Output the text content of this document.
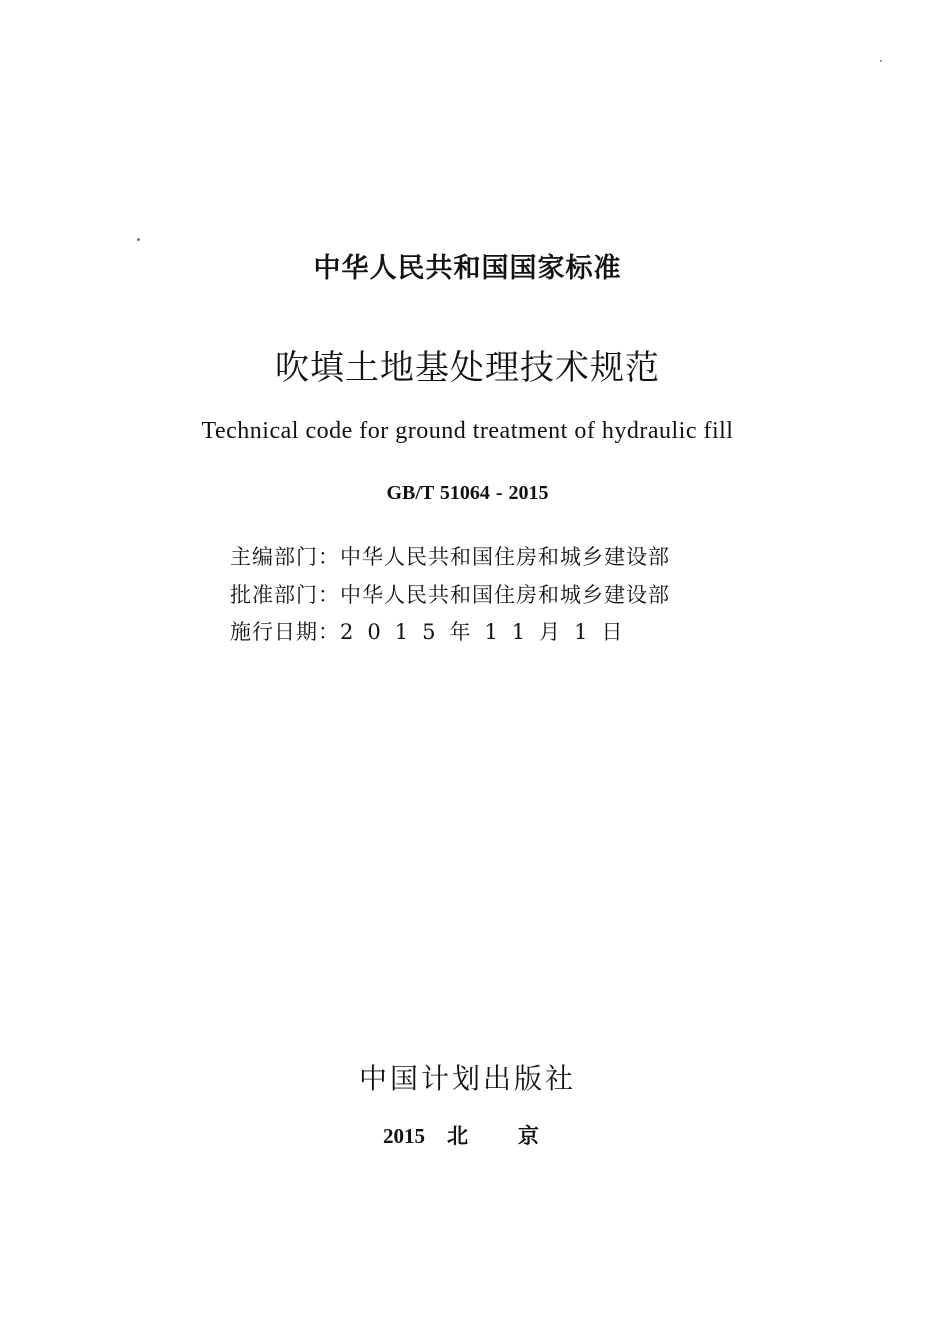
中华人民共和国国家标准
吹填土地基处理技术规范
Technical code for ground treatment of hydraulic fill
GB/T 51064 - 2015
主编部门：中华人民共和国住房和城乡建设部
批准部门：中华人民共和国住房和城乡建设部
施行日期：2015年11月1日
中国计划出版社
2015 北京
